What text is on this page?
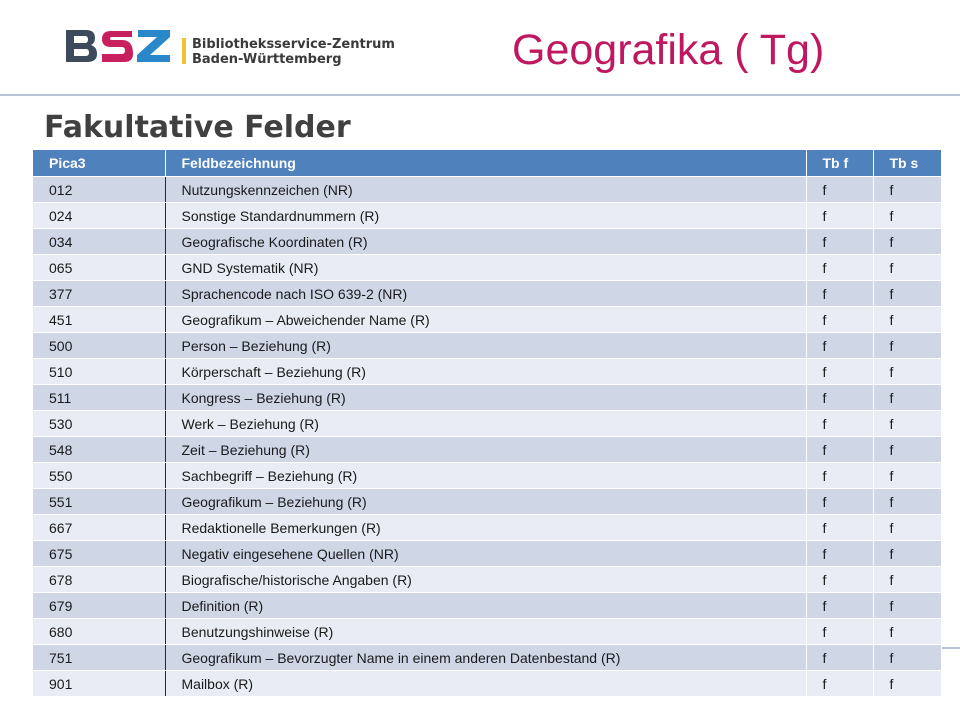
Bibliotheksservice-Zentrum
Baden-Württemberg	Geografika ( Tg)
Fakultative Felder
Pica3	Feldbezeichnung	Tb f	Tb s
012	Nutzungskennzeichen (NR)	f	f
024	Sonstige Standardnummern (R)	f	f
034	Geografische Koordinaten (R)	f	f
065	GND Systematik (NR)	f	f
377	Sprachencode nach ISO 639-2 (NR)	f	f
451	Geografikum – Abweichender Name (R)	f	f
500	Person – Beziehung (R)	f	f
510	Körperschaft – Beziehung (R)	f	f
511	Kongress – Beziehung (R)	f	f
530	Werk – Beziehung (R)	f	f
548	Zeit – Beziehung (R)	f	f
550	Sachbegriff – Beziehung (R)	f	f
551	Geografikum – Beziehung (R)	f	f
667	Redaktionelle Bemerkungen (R)	f	f
675	Negativ eingesehene Quellen (NR)	f	f
678	Biografische/historische Angaben (R)	f	f
679	Definition (R)	f	f
680	Benutzungshinweise (R)	f	f
751	Geografikum – Bevorzugter Name in einem anderen Datenbestand (R)	f	f
901	Mailbox (R)	f	f
